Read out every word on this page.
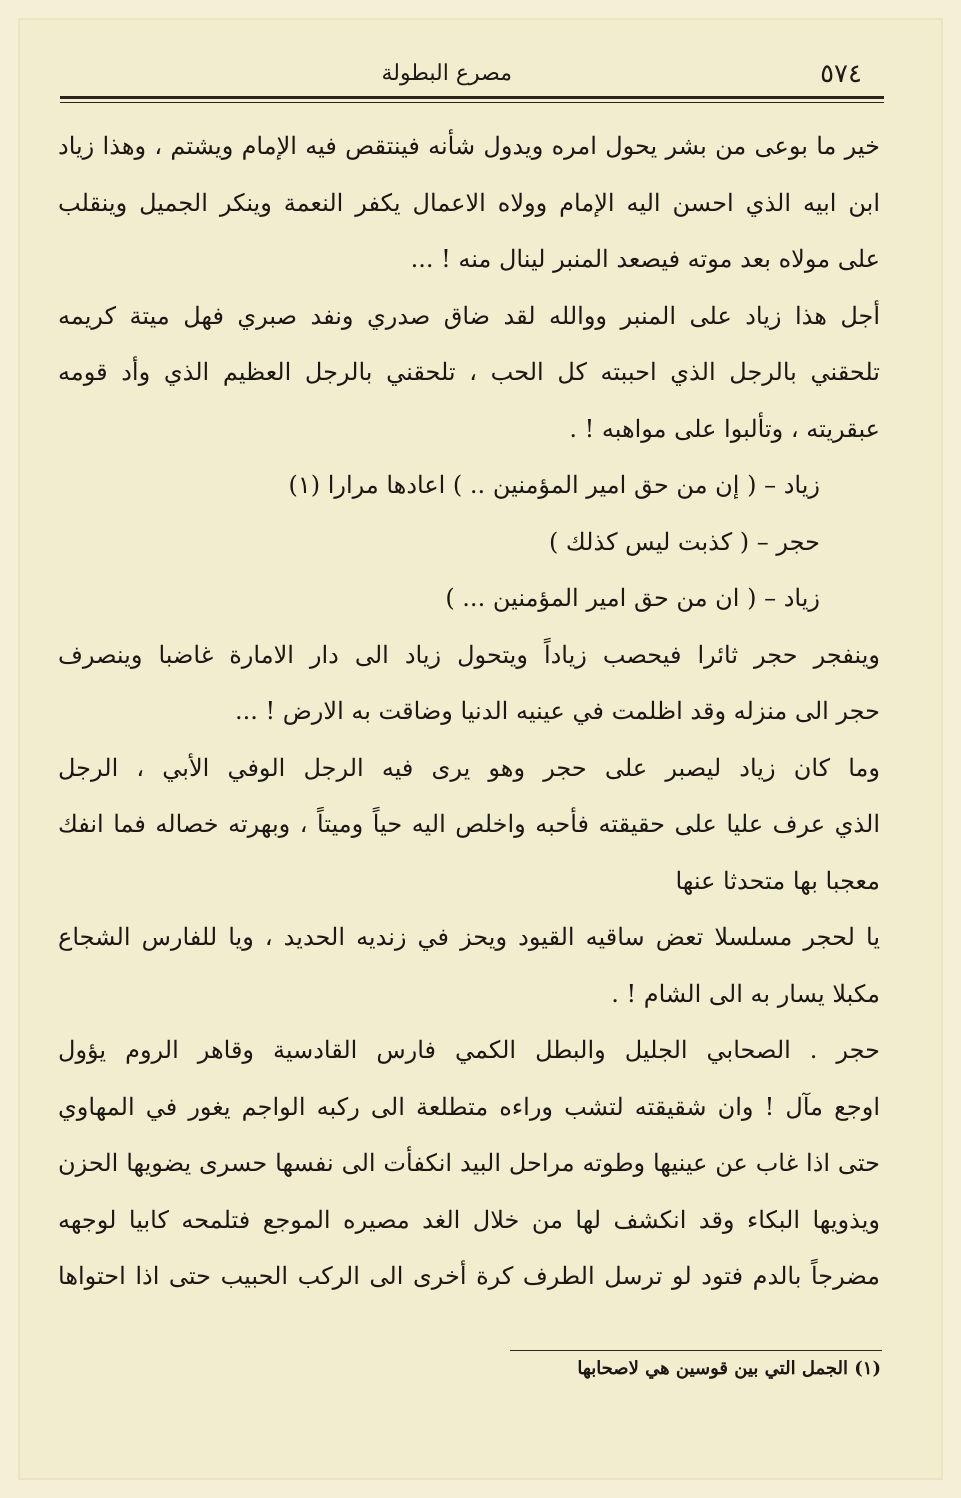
٥٧٤
مصرع البطولة
خير ما بوعى من بشر يحول امره ويدول شأنه فينتقص فيه الإمام ويشتم ، وهذا زياد
ابن ابيه الذي احسن اليه الإمام وولاه الاعمال يكفر النعمة وينكر الجميل وينقلب
على مولاه بعد موته فيصعد المنبر لينال منه ! ...
أجل هذا زياد على المنبر ووالله لقد ضاق صدري ونفد صبري فهل ميتة كريمه
تلحقني بالرجل الذي احببته كل الحب ، تلحقني بالرجل العظيم الذي وأد قومه
عبقريته ، وتألبوا على مواهبه ! .
زياد – ( إن من حق امير المؤمنين .. ) اعادها مرارا (١)
حجر – ( كذبت ليس كذلك )
زياد – ( ان من حق امير المؤمنين ... )
وينفجر حجر ثائرا فيحصب زياداً ويتحول زياد الى دار الامارة غاضبا وينصرف
حجر الى منزله وقد اظلمت في عينيه الدنيا وضاقت به الارض ! ...
وما كان زياد ليصبر على حجر وهو يرى فيه الرجل الوفي الأبي ، الرجل
الذي عرف عليا على حقيقته فأحبه واخلص اليه حياً وميتاً ، وبهرته خصاله فما انفك
معجبا بها متحدثا عنها
يا لحجر مسلسلا تعض ساقيه القيود ويحز في زنديه الحديد ، ويا للفارس الشجاع
مكبلا يسار به الى الشام ! .
حجر . الصحابي الجليل والبطل الكمي فارس القادسية وقاهر الروم يؤول
اوجع مآل ! وان شقيقته لتشب وراءه متطلعة الى ركبه الواجم يغور في المهاوي
حتى اذا غاب عن عينيها وطوته مراحل البيد انكفأت الى نفسها حسرى يضويها الحزن
ويذويها البكاء وقد انكشف لها من خلال الغد مصيره الموجع فتلمحه كابيا لوجهه
مضرجاً بالدم فتود لو ترسل الطرف كرة أخرى الى الركب الحبيب حتى اذا احتواها
(١) الجمل التي بين قوسين هي لاصحابها
